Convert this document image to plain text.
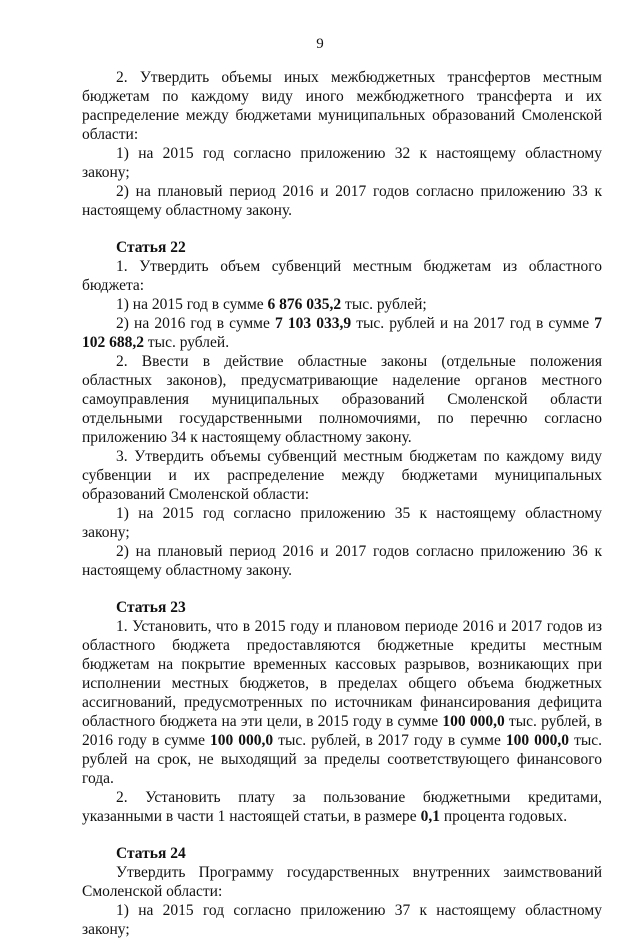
9
2. Утвердить объемы иных межбюджетных трансфертов местным бюджетам по каждому виду иного межбюджетного трансферта и их распределение между бюджетами муниципальных образований Смоленской области:
1) на 2015 год согласно приложению 32 к настоящему областному закону;
2) на плановый период 2016 и 2017 годов согласно приложению 33 к настоящему областному закону.
Статья 22
1. Утвердить объем субвенций местным бюджетам из областного бюджета:
1) на 2015 год в сумме 6 876 035,2 тыс. рублей;
2) на 2016 год в сумме 7 103 033,9 тыс. рублей и на 2017 год в сумме 7 102 688,2 тыс. рублей.
2. Ввести в действие областные законы (отдельные положения областных законов), предусматривающие наделение органов местного самоуправления муниципальных образований Смоленской области отдельными государственными полномочиями, по перечню согласно приложению 34 к настоящему областному закону.
3. Утвердить объемы субвенций местным бюджетам по каждому виду субвенции и их распределение между бюджетами муниципальных образований Смоленской области:
1) на 2015 год согласно приложению 35 к настоящему областному закону;
2) на плановый период 2016 и 2017 годов согласно приложению 36 к настоящему областному закону.
Статья 23
1. Установить, что в 2015 году и плановом периоде 2016 и 2017 годов из областного бюджета предоставляются бюджетные кредиты местным бюджетам на покрытие временных кассовых разрывов, возникающих при исполнении местных бюджетов, в пределах общего объема бюджетных ассигнований, предусмотренных по источникам финансирования дефицита областного бюджета на эти цели, в 2015 году в сумме 100 000,0 тыс. рублей, в 2016 году в сумме 100 000,0 тыс. рублей, в 2017 году в сумме 100 000,0 тыс. рублей на срок, не выходящий за пределы соответствующего финансового года.
2. Установить плату за пользование бюджетными кредитами, указанными в части 1 настоящей статьи, в размере 0,1 процента годовых.
Статья 24
Утвердить Программу государственных внутренних заимствований Смоленской области:
1) на 2015 год согласно приложению 37 к настоящему областному закону;
